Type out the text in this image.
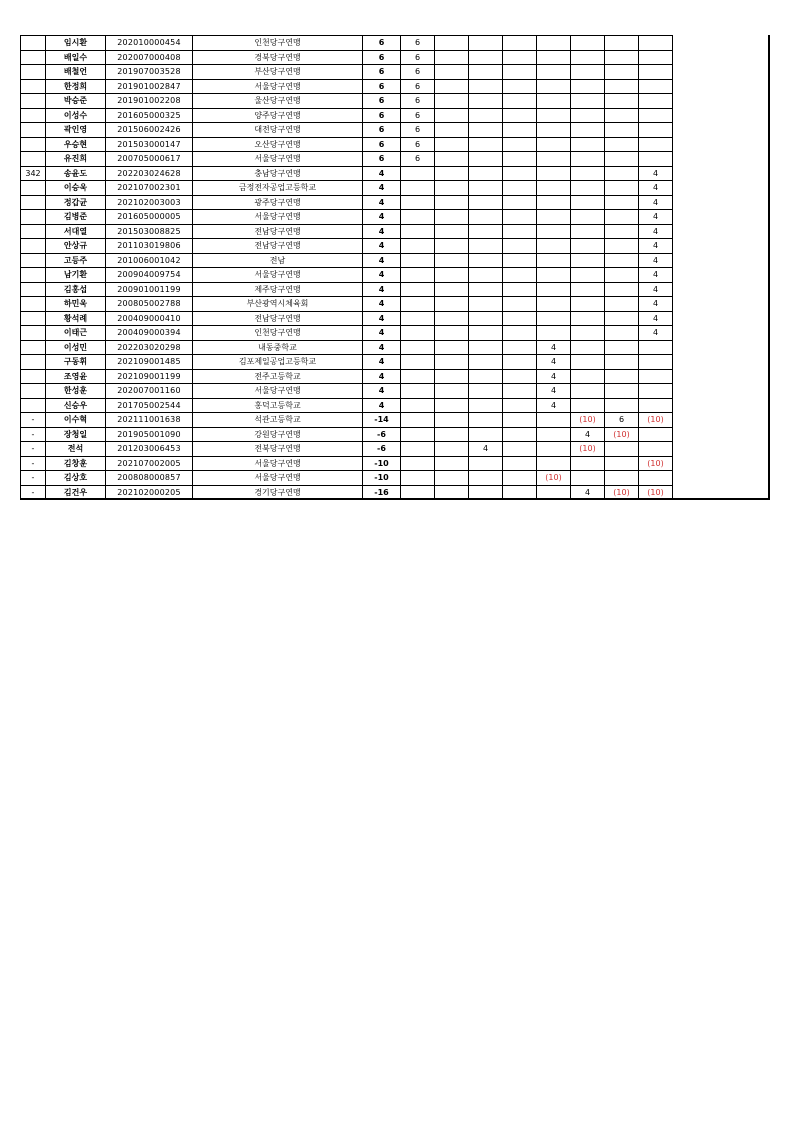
	임시환	202010000454	인천당구연맹	6	6							
	배일수	202007000408	경북당구연맹	6	6							
	배철언	201907003528	부산당구연맹	6	6							
	한정희	201901002847	서울당구연맹	6	6							
	박승준	201901002208	울산당구연맹	6	6							
	이성수	201605000325	양주당구연맹	6	6							
	곽인영	201506002426	대전당구연맹	6	6							
	우승현	201503000147	오산당구연맹	6	6							
	유진희	200705000617	서울당구연맹	6	6							
342	송윤도	202203024628	충남당구연맹	4								4
	이승욱	202107002301	금정전자공업고등학교	4								4
	정갑균	202102003003	광주당구연맹	4								4
	김병준	201605000005	서울당구연맹	4								4
	서대열	201503008825	전남당구연맹	4								4
	안상규	201103019806	전남당구연맹	4								4
	고등주	201006001042	전남	4								4
	남기환	200904009754	서울당구연맹	4								4
	김홍섭	200901001199	제주당구연맹	4								4
	하민욱	200805002788	부산광역시체육회	4								4
	황석례	200409000410	전남당구연맹	4								4
	이태근	200409000394	인천당구연맹	4								4
	이성민	202203020298	내동중학교	4					4			
	구동휘	202109001485	김포제일공업고등학교	4					4			
	조영윤	202109001199	전주고등학교	4					4			
	한성훈	202007001160	서울당구연맹	4					4			
	신승우	201705002544	홍덕고등학교	4					4			
-	이수혁	202111001638	석관고등학교	-14						(10)	6	(10)
-	장청일	201905001090	강원당구연맹	-6						4	(10)	
-	전석	201203006453	전북당구연맹	-6			4			(10)		
-	김창훈	202107002005	서울당구연맹	-10								(10)
-	김상호	200808000857	서울당구연맹	-10					(10)			
-	김건우	202102000205	경기당구연맹	-16						4	(10)	(10)
